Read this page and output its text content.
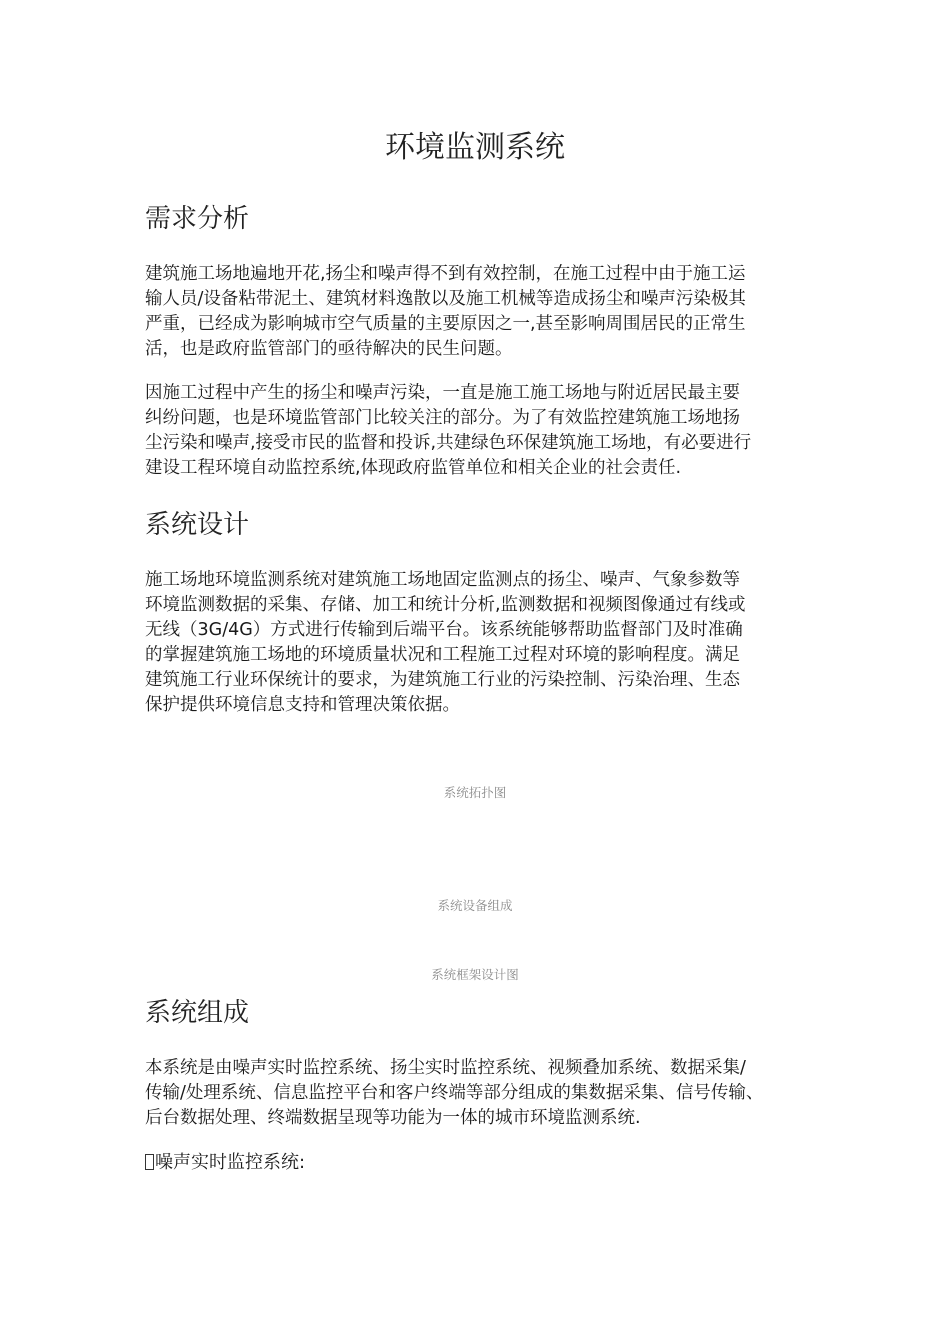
环境监测系统
需求分析
建筑施工场地遍地开花,扬尘和噪声得不到有效控制，在施工过程中由于施工运
输人员/设备粘带泥土、建筑材料逸散以及施工机械等造成扬尘和噪声污染极其
严重，已经成为影响城市空气质量的主要原因之一,甚至影响周围居民的正常生
活，也是政府监管部门的亟待解决的民生问题。
因施工过程中产生的扬尘和噪声污染，一直是施工施工场地与附近居民最主要
纠纷问题，也是环境监管部门比较关注的部分。为了有效监控建筑施工场地扬
尘污染和噪声,接受市民的监督和投诉,共建绿色环保建筑施工场地，有必要进行
建设工程环境自动监控系统,体现政府监管单位和相关企业的社会责任.
系统设计
施工场地环境监测系统对建筑施工场地固定监测点的扬尘、噪声、气象参数等
环境监测数据的采集、存储、加工和统计分析,监测数据和视频图像通过有线或
无线（3G/4G）方式进行传输到后端平台。该系统能够帮助监督部门及时准确
的掌握建筑施工场地的环境质量状况和工程施工过程对环境的影响程度。满足
建筑施工行业环保统计的要求，为建筑施工行业的污染控制、污染治理、生态
保护提供环境信息支持和管理决策依据。
系统拓扑图
系统设备组成
系统框架设计图
系统组成
本系统是由噪声实时监控系统、扬尘实时监控系统、视频叠加系统、数据采集/
传输/处理系统、信息监控平台和客户终端等部分组成的集数据采集、信号传输、
后台数据处理、终端数据呈现等功能为一体的城市环境监测系统.
噪声实时监控系统:
